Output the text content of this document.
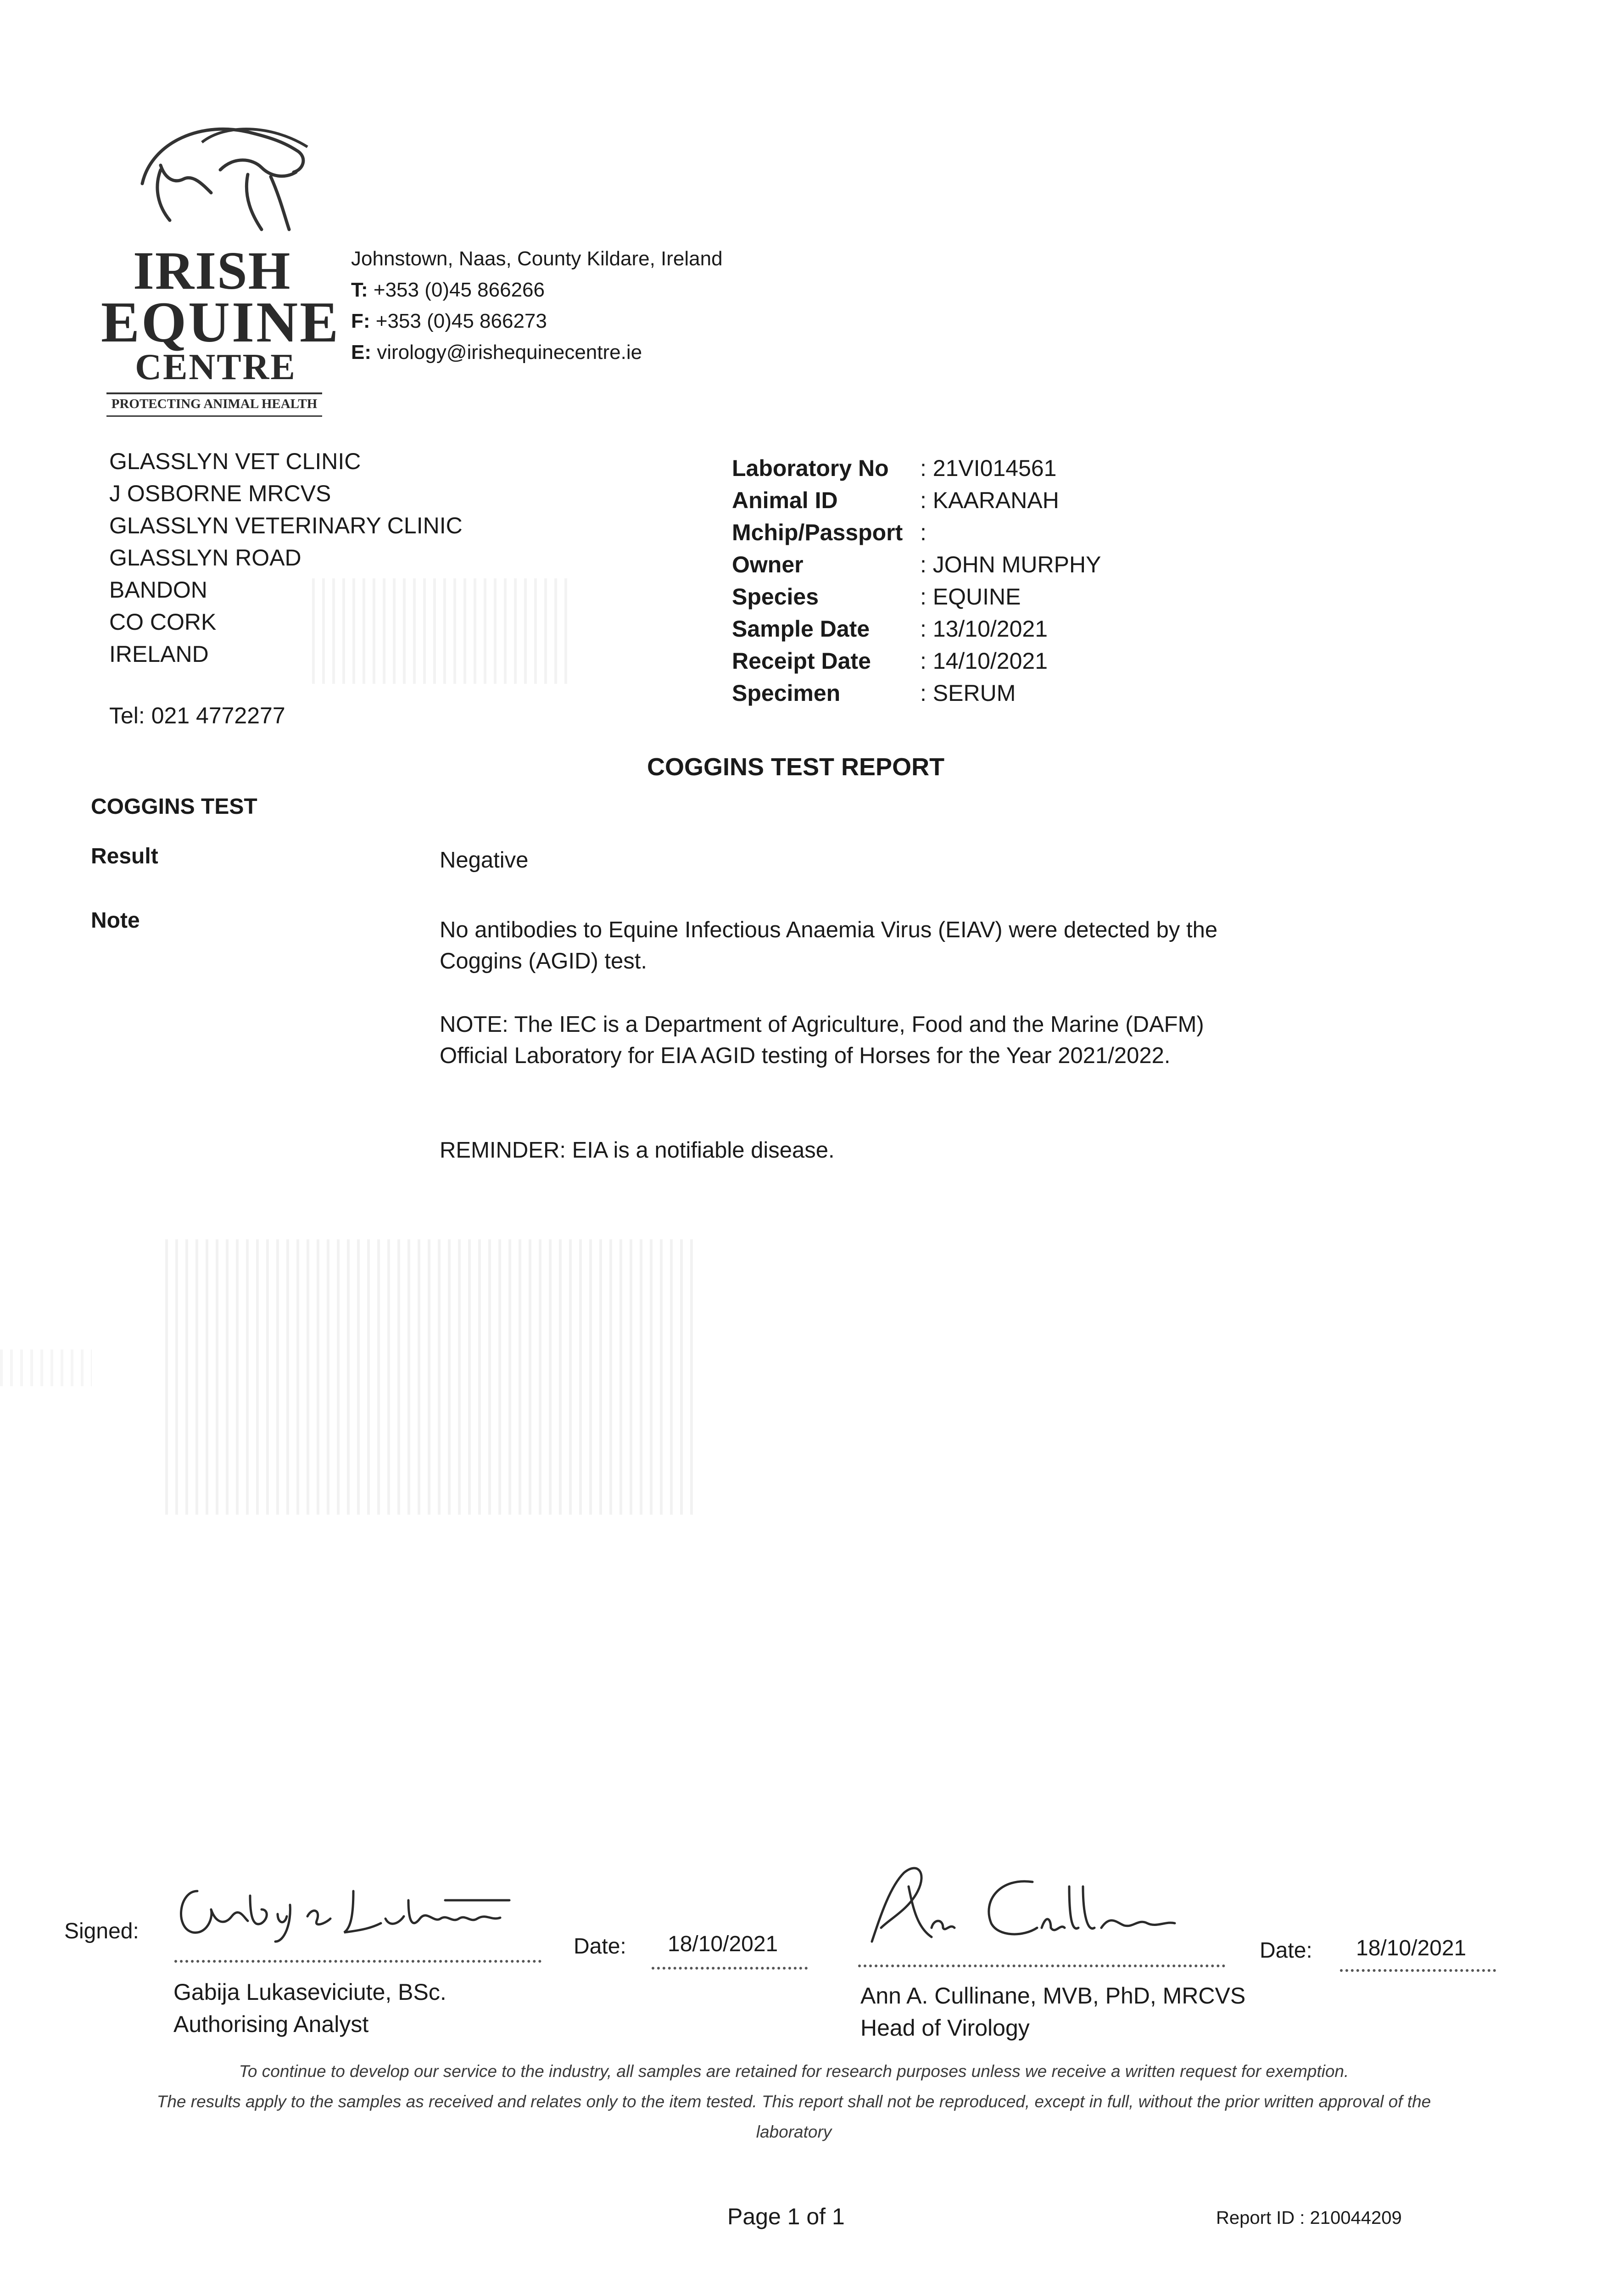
IRISH
EQUINE
CENTRE
PROTECTING ANIMAL HEALTH
Johnstown, Naas, County Kildare, Ireland
T: +353 (0)45 866266
F: +353 (0)45 866273
E: virology@irishequinecentre.ie
GLASSLYN VET CLINIC
J OSBORNE MRCVS
GLASSLYN VETERINARY CLINIC
GLASSLYN ROAD
BANDON
CO CORK
IRELAND
Tel: 021 4772277
Laboratory No	: 21VI014561
Animal ID	: KAARANAH
Mchip/Passport :
Owner	: JOHN MURPHY
Species	: EQUINE
Sample Date	: 13/10/2021
Receipt Date	: 14/10/2021
Specimen	: SERUM
COGGINS TEST REPORT
COGGINS TEST
Result	Negative
Note	No antibodies to Equine Infectious Anaemia Virus (EIAV) were detected by the Coggins (AGID) test.
NOTE: The IEC is a Department of Agriculture, Food and the Marine (DAFM) Official Laboratory for EIA AGID testing of Horses for the Year 2021/2022.
REMINDER: EIA is a notifiable disease.
Signed:
Date: 18/10/2021
Gabija Lukaseviciute, BSc.
Authorising Analyst
Date: 18/10/2021
Ann A. Cullinane, MVB, PhD, MRCVS
Head of Virology
To continue to develop our service to the industry, all samples are retained for research purposes unless we receive a written request for exemption.
The results apply to the samples as received and relates only to the item tested. This report shall not be reproduced, except in full, without the prior written approval of the laboratory
Page 1 of 1	Report ID : 210044209
